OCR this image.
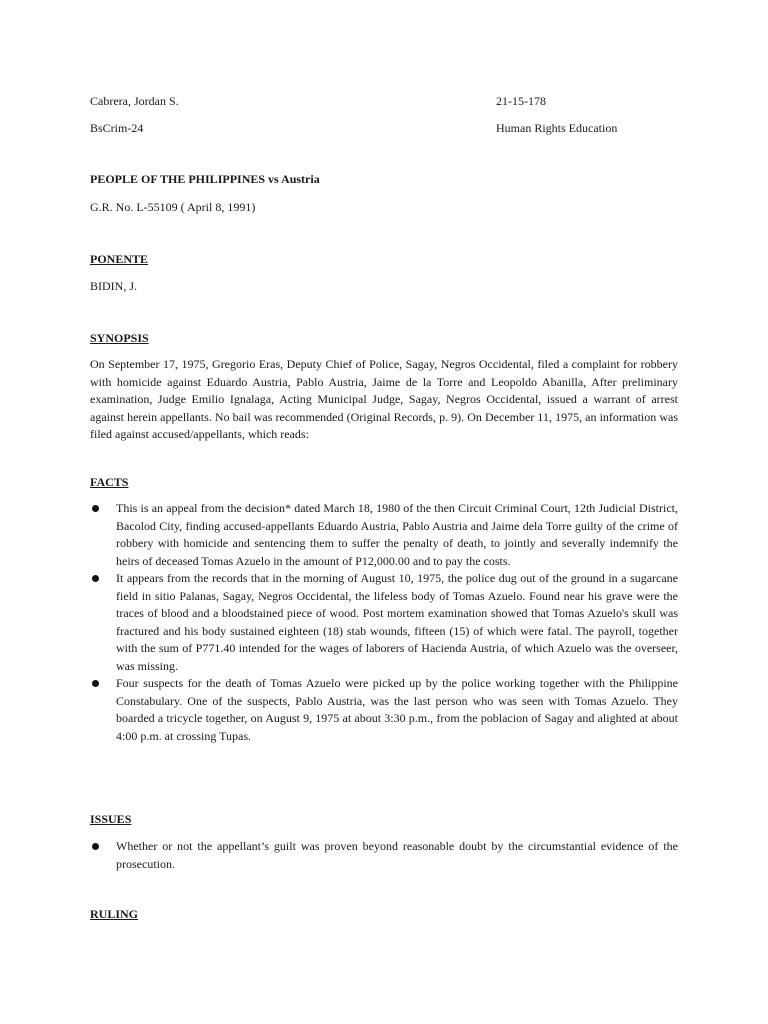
Cabrera, Jordan S.	21-15-178
BsCrim-24	Human Rights Education
PEOPLE OF THE PHILIPPINES vs Austria
G.R. No. L-55109 ( April 8, 1991)
PONENTE
BIDIN, J.
SYNOPSIS

On September 17, 1975, Gregorio Eras, Deputy Chief of Police, Sagay, Negros Occidental, filed a complaint for robbery with homicide against Eduardo Austria, Pablo Austria, Jaime de la Torre and Leopoldo Abanilla, After preliminary examination, Judge Emilio Ignalaga, Acting Municipal Judge, Sagay, Negros Occidental, issued a warrant of arrest against herein appellants. No bail was recommended (Original Records, p. 9). On December 11, 1975, an information was filed against accused/appellants, which reads:

FACTS
This is an appeal from the decision* dated March 18, 1980 of the then Circuit Criminal Court, 12th Judicial District, Bacolod City, finding accused-appellants Eduardo Austria, Pablo Austria and Jaime dela Torre guilty of the crime of robbery with homicide and sentencing them to suffer the penalty of death, to jointly and severally indemnify the heirs of deceased Tomas Azuelo in the amount of P12,000.00 and to pay the costs.
It appears from the records that in the morning of August 10, 1975, the police dug out of the ground in a sugarcane field in sitio Palanas, Sagay, Negros Occidental, the lifeless body of Tomas Azuelo. Found near his grave were the traces of blood and a bloodstained piece of wood. Post mortem examination showed that Tomas Azuelo's skull was fractured and his body sustained eighteen (18) stab wounds, fifteen (15) of which were fatal. The payroll, together with the sum of P771.40 intended for the wages of laborers of Hacienda Austria, of which Azuelo was the overseer, was missing.
Four suspects for the death of Tomas Azuelo were picked up by the police working together with the Philippine Constabulary. One of the suspects, Pablo Austria, was the last person who was seen with Tomas Azuelo. They boarded a tricycle together, on August 9, 1975 at about 3:30 p.m., from the poblacion of Sagay and alighted at about 4:00 p.m. at crossing Tupas.
ISSUES
Whether or not the appellant’s guilt was proven beyond reasonable doubt by the circumstantial evidence of the prosecution.
RULING
